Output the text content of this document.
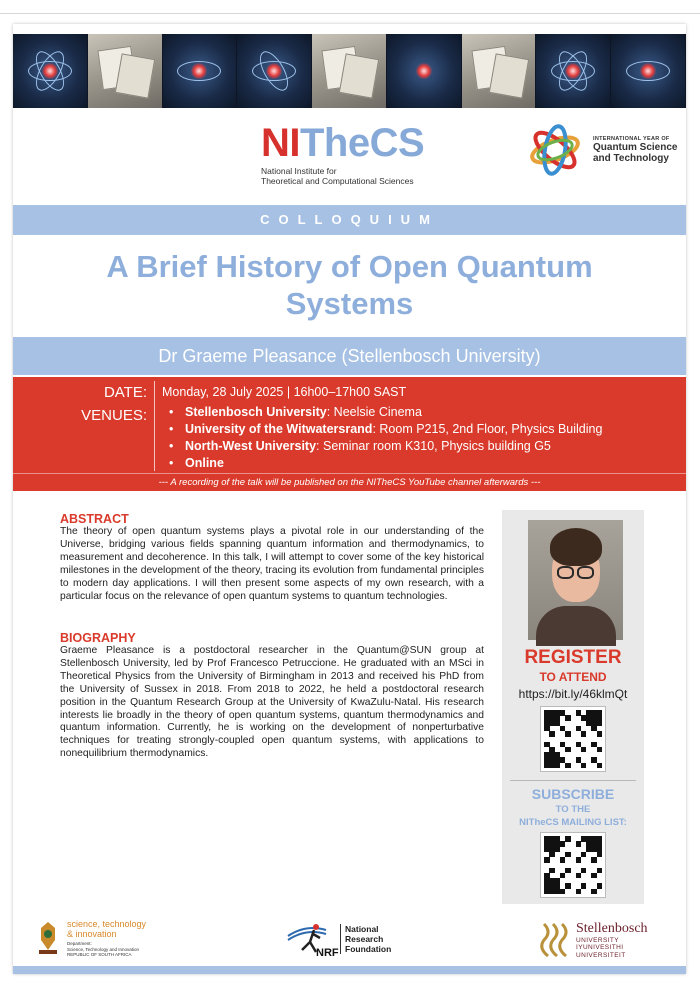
NITheCS
National Institute for
Theoretical and Computational Sciences
INTERNATIONAL YEAR OF
Quantum Science
and Technology
COLLOQUIUM
A Brief History of Open Quantum Systems
Dr Graeme Pleasance (Stellenbosch University)
DATE: Monday, 28 July 2025 | 16h00–17h00 SAST
VENUES:
•	Stellenbosch University: Neelsie Cinema
• University of the Witwatersrand: Room P215, 2nd Floor, Physics Building
• North-West University: Seminar room K310, Physics building G5
• Online
--- A recording of the talk will be published on the NITheCS YouTube channel afterwards ---
ABSTRACT
The theory of open quantum systems plays a pivotal role in our understanding of the Universe, bridging various fields spanning quantum information and thermodynamics, to measurement and decoherence. In this talk, I will attempt to cover some of the key historical milestones in the development of the theory, tracing its evolution from fundamental principles to modern day applications. I will then present some aspects of my own research, with a particular focus on the relevance of open quantum systems to quantum technologies.
BIOGRAPHY
Graeme Pleasance is a postdoctoral researcher in the Quantum@SUN group at Stellenbosch University, led by Prof Francesco Petruccione. He graduated with an MSci in Theoretical Physics from the University of Birmingham in 2013 and received his PhD from the University of Sussex in 2018. From 2018 to 2022, he held a postdoctoral research position in the Quantum Research Group at the University of KwaZulu-Natal. His research interests lie broadly in the theory of open quantum systems, quantum thermodynamics and quantum information. Currently, he is working on the development of nonperturbative techniques for treating strongly-coupled open quantum systems, with applications to nonequilibrium thermodynamics.
REGISTER
TO ATTEND
https://bit.ly/46klmQt
SUBSCRIBE
TO THE
NITheCS MAILING LIST:
science, technology
& innovation
Department:
Science, Technology and Innovation
REPUBLIC OF SOUTH AFRICA	NRF
National
Research
Foundation
Stellenbosch
UNIVERSITY
IYUNIVESITHI
UNIVERSITEIT
